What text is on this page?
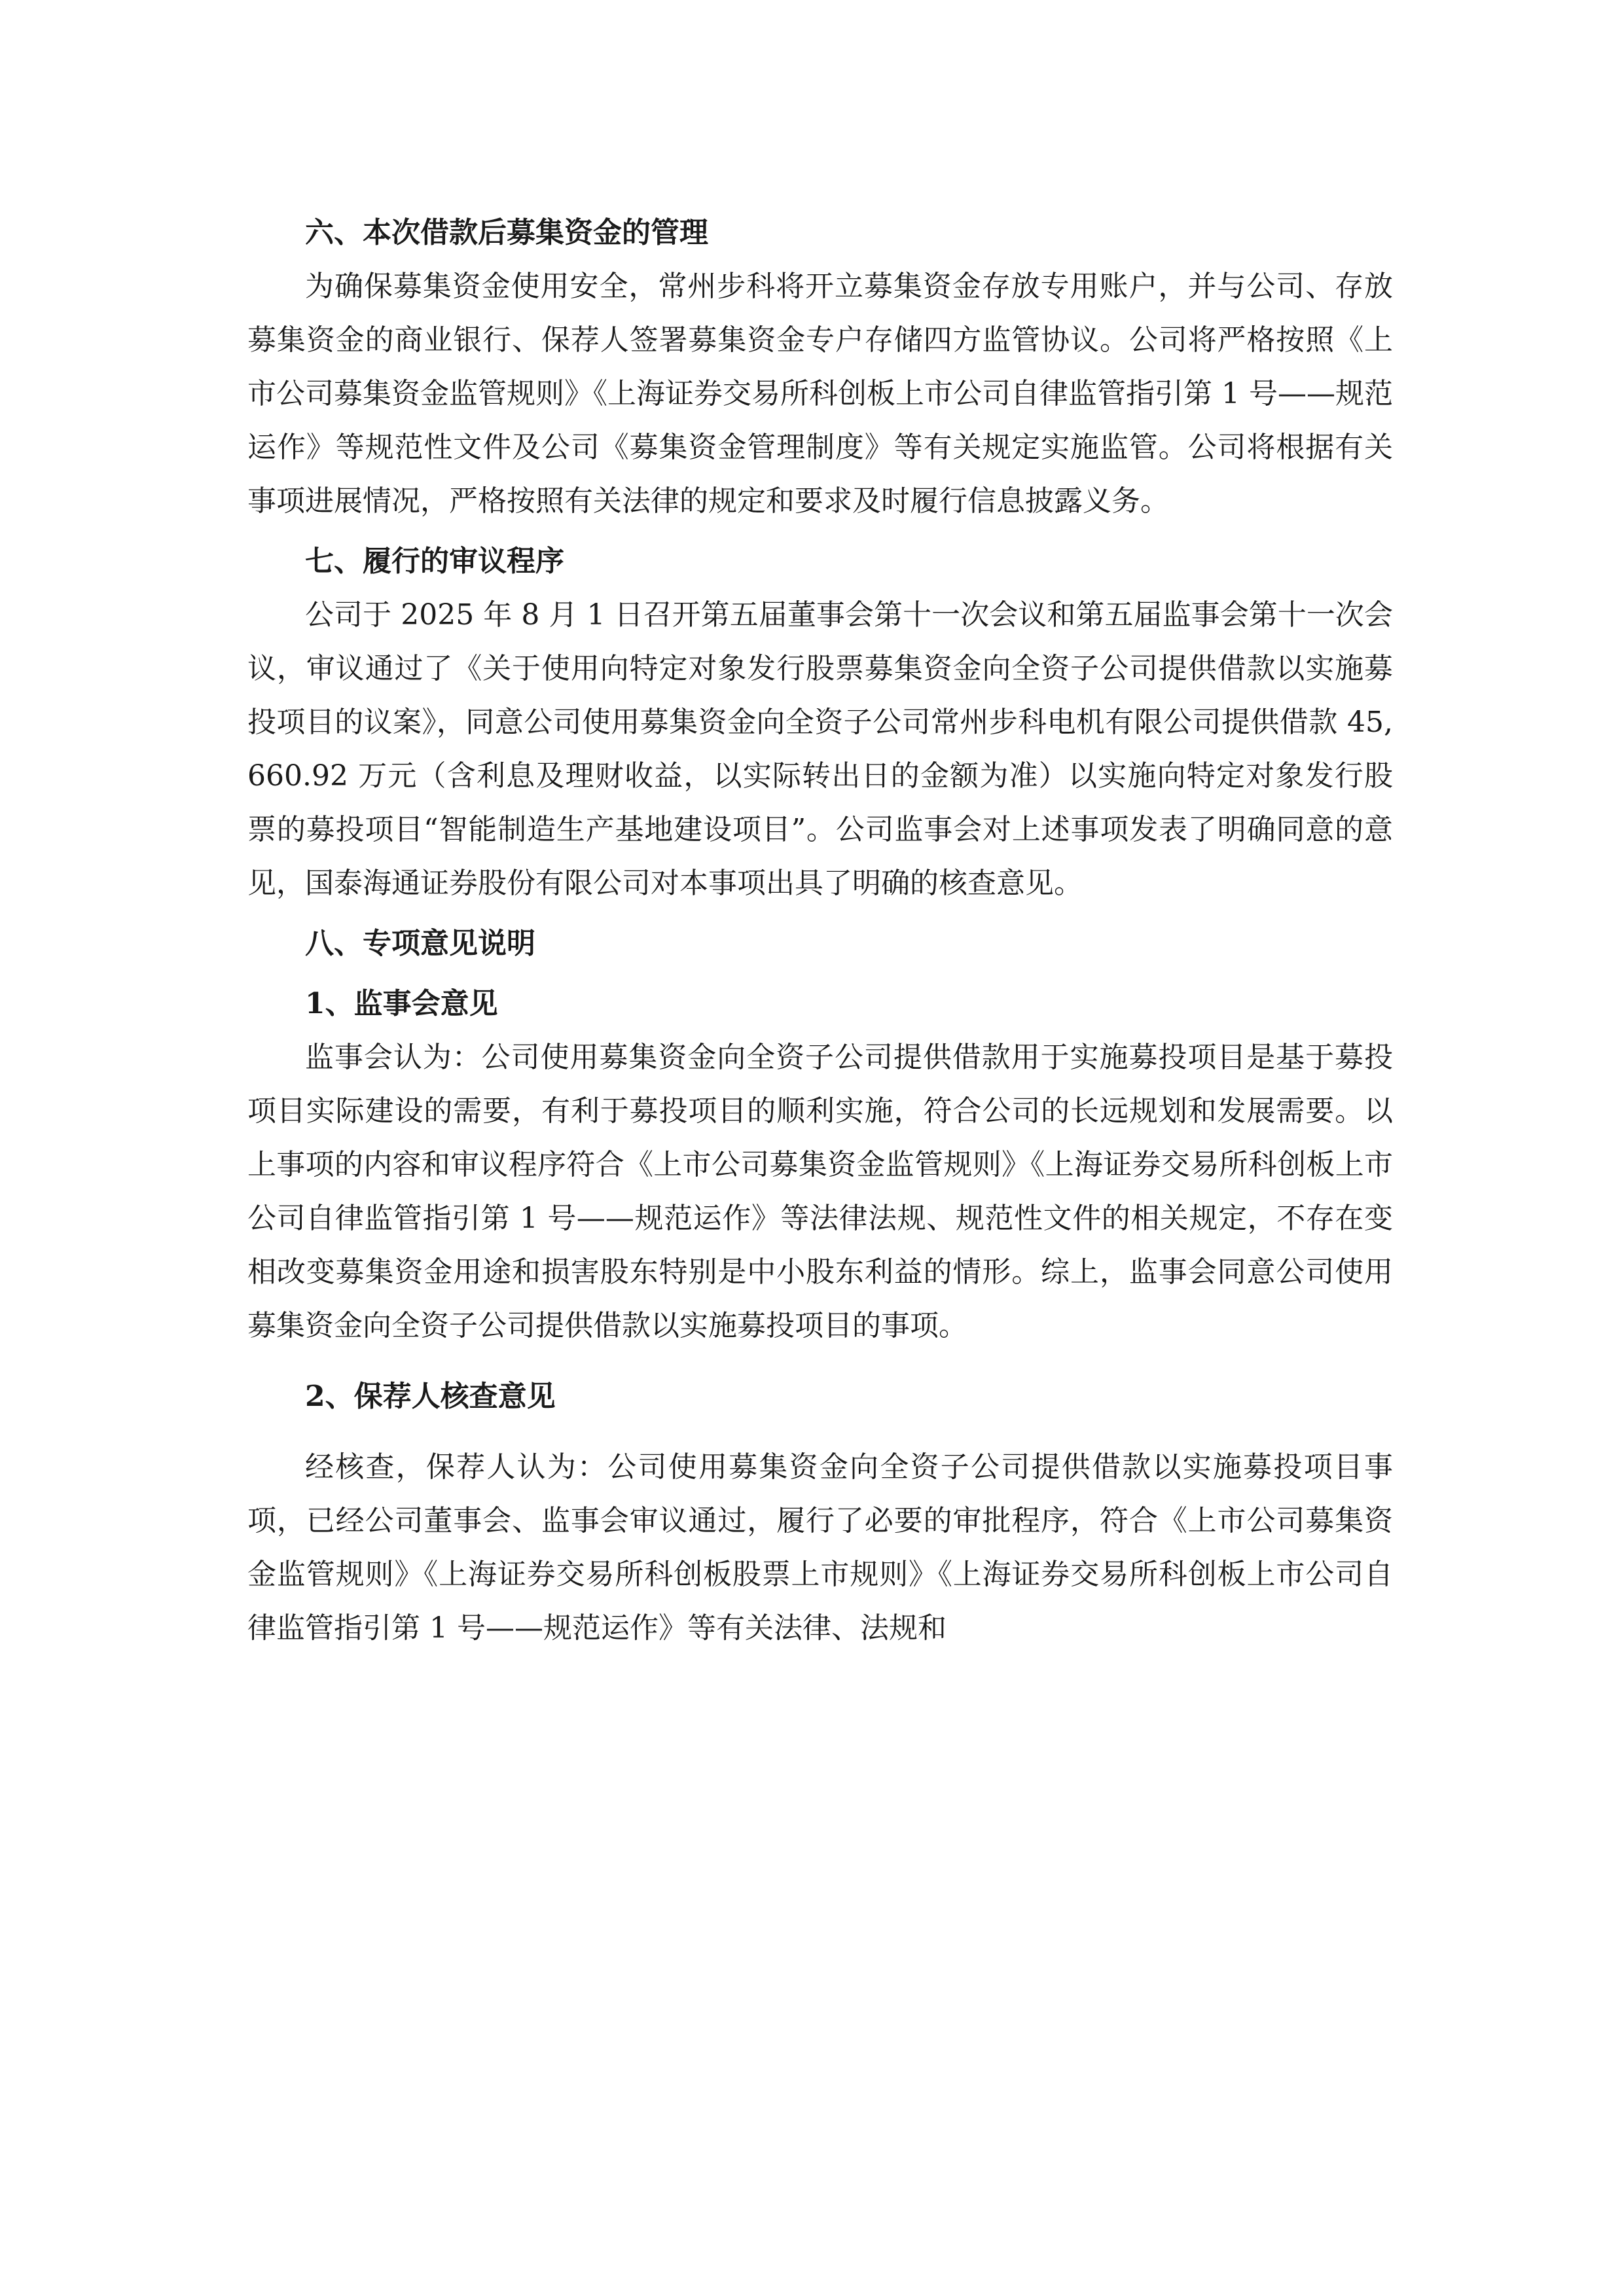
六、本次借款后募集资金的管理

为确保募集资金使用安全，常州步科将开立募集资金存放专用账户，并与公司、存放募集资金的商业银行、保荐人签署募集资金专户存储四方监管协议。公司将严格按照《上市公司募集资金监管规则》《上海证券交易所科创板上市公司自律监管指引第 1 号——规范运作》等规范性文件及公司《募集资金管理制度》等有关规定实施监管。公司将根据有关事项进展情况，严格按照有关法律的规定和要求及时履行信息披露义务。

七、履行的审议程序

公司于 2025 年 8 月 1 日召开第五届董事会第十一次会议和第五届监事会第十一次会议，审议通过了《关于使用向特定对象发行股票募集资金向全资子公司提供借款以实施募投项目的议案》，同意公司使用募集资金向全资子公司常州步科电机有限公司提供借款 45,660.92 万元（含利息及理财收益，以实际转出日的金额为准）以实施向特定对象发行股票的募投项目“智能制造生产基地建设项目”。公司监事会对上述事项发表了明确同意的意见，国泰海通证券股份有限公司对本事项出具了明确的核查意见。

八、专项意见说明

1、监事会意见

监事会认为：公司使用募集资金向全资子公司提供借款用于实施募投项目是基于募投项目实际建设的需要，有利于募投项目的顺利实施，符合公司的长远规划和发展需要。以上事项的内容和审议程序符合《上市公司募集资金监管规则》《上海证券交易所科创板上市公司自律监管指引第 1 号——规范运作》等法律法规、规范性文件的相关规定，不存在变相改变募集资金用途和损害股东特别是中小股东利益的情形。综上，监事会同意公司使用募集资金向全资子公司提供借款以实施募投项目的事项。

2、保荐人核查意见

经核查，保荐人认为：公司使用募集资金向全资子公司提供借款以实施募投项目事项，已经公司董事会、监事会审议通过，履行了必要的审批程序，符合《上市公司募集资金监管规则》《上海证券交易所科创板股票上市规则》《上海证券交易所科创板上市公司自律监管指引第 1 号——规范运作》等有关法律、法规和
